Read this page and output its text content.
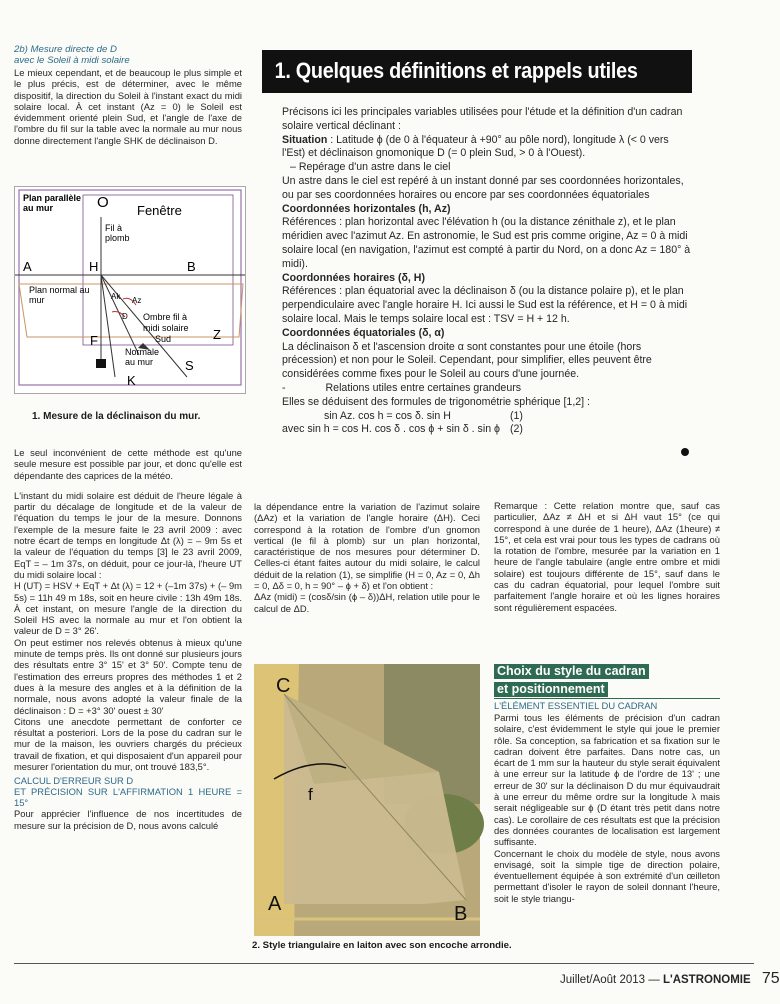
2b) Mesure directe de D
avec le Soleil à midi solaire

Le mieux cependant, et de beaucoup le plus simple et le plus précis, est de déterminer, avec le même dispositif, la direction du Soleil à l'instant exact du midi solaire local. À cet instant (Az = 0) le Soleil est évidemment orienté plein Sud, et l'angle de l'axe de l'ombre du fil sur la table avec la normale au mur nous donne directement l'angle SHK de déclinaison D.

Plan parallèle
au mur	O Fenêtre
Fil à
plomb
A	H	B
Plan normal au
mur	Ak Az
D Ombre fil à
midi solaire
Sud	Z
F
Normale
au mur S
K
1. Mesure de la déclinaison du mur.

Le seul inconvénient de cette méthode est qu'une seule mesure est possible par jour, et donc qu'elle est dépendante des caprices de la météo.

L'instant du midi solaire est déduit de l'heure légale à partir du décalage de longitude et de la valeur de l'équation du temps le jour de la mesure. Donnons l'exemple de la mesure faite le 23 avril 2009 : avec notre écart de temps en longitude Δt (λ) = – 9m 5s et la valeur de l'équation du temps [3] le 23 avril 2009, EqT = – 1m 37s, on déduit, pour ce jour-là, l'heure UT du midi solaire local :

H (UT) = HSV + EqT + Δt (λ) = 12 + (–1m 37s) + (– 9m 5s) = 11h 49 m 18s, soit en heure civile : 13h 49m 18s. À cet instant, on mesure l'angle de la direction du Soleil HS avec la normale au mur et l'on obtient la valeur de D = 3° 26'.

On peut estimer nos relevés obtenus à mieux qu'une minute de temps près. Ils ont donné sur plusieurs jours des résultats entre 3° 15' et 3° 50'. Compte tenu de l'estimation des erreurs propres des méthodes 1 et 2 dues à la mesure des angles et à la définition de la normale, nous avons adopté la valeur finale de la déclinaison : D = +3° 30' ouest ± 30'

Citons une anecdote permettant de conforter ce résultat a posteriori. Lors de la pose du cadran sur le mur de la maison, les ouvriers chargés du précieux travail de fixation, et qui disposaient d'un appareil pour mesurer l'orientation du mur, ont trouvé 183,5°.

CALCUL D'ERREUR SUR D
ET PRÉCISION SUR L'AFFIRMATION 1 HEURE = 15°

Pour apprécier l'influence de nos incertitudes de mesure sur la précision de D, nous avons calculé

1. Quelques définitions et rappels utiles

Précisons ici les principales variables utilisées pour l'étude et la définition d'un cadran solaire vertical déclinant :

Situation : Latitude ϕ (de 0 à l'équateur à +90° au pôle nord), longitude λ (< 0 vers l'Est) et déclinaison gnomonique D (= 0 plein Sud, > 0 à l'Ouest).

– Repérage d'un astre dans le ciel

Un astre dans le ciel est repéré à un instant donné par ses coordonnées horizontales, ou par ses coordonnées horaires ou encore par ses coordonnées équatoriales

Coordonnées horizontales (h, Az)

Références : plan horizontal avec l'élévation h (ou la distance zénithale z), et le plan méridien avec l'azimut Az. En astronomie, le Sud est pris comme origine, Az = 0 à midi solaire local (en navigation, l'azimut est compté à partir du Nord, on a donc Az = 180° à midi).

Coordonnées horaires (δ, H)

Références : plan équatorial avec la déclinaison δ (ou la distance polaire p), et le plan perpendiculaire avec l'angle horaire H. Ici aussi le Sud est la référence, et H = 0 à midi solaire local. Mais le temps solaire local est : TSV = H + 12 h.

Coordonnées équatoriales (δ, α)

La déclinaison δ et l'ascension droite α sont constantes pour une étoile (hors précession) et non pour le Soleil. Cependant, pour simplifier, elles peuvent être considérées comme fixes pour le Soleil au cours d'une journée.

-	Relations utiles entre certaines grandeurs

Elles se déduisent des formules de trigonométrie sphérique [1,2] :

sin Az. cos h = cos δ. sin H	(1)

avec sin h = cos H. cos δ . cos ϕ + sin δ . sin ϕ (2)

la dépendance entre la variation de l'azimut solaire (ΔAz) et la variation de l'angle horaire (ΔH). Ceci correspond à la rotation de l'ombre d'un gnomon vertical (le fil à plomb) sur un plan horizontal, caractéristique de nos mesures pour déterminer D. Celles-ci étant faites autour du midi solaire, le calcul déduit de la relation (1), se simplifie (H = 0, Az = 0, Δh = 0, Δδ = 0, h = 90° – ϕ + δ) et l'on obtient :

ΔAz (midi) = (cosδ/sin (ϕ – δ))ΔH, relation utile pour le calcul de ΔD.

C
f
A	B
2. Style triangulaire en laiton avec son encoche arrondie.

Remarque : Cette relation montre que, sauf cas particulier, ΔAz ≠ ΔH et si ΔH vaut 15° (ce qui correspond à une durée de 1 heure), ΔAz (1heure) ≠ 15°, et cela est vrai pour tous les types de cadrans où la rotation de l'ombre, mesurée par la variation en 1 heure de l'angle tabulaire (angle entre ombre et midi solaire) est toujours différente de 15°, sauf dans le cas du cadran équatorial, pour lequel l'ombre suit parfaitement l'angle horaire et où les lignes horaires sont régulièrement espacées.

Choix du style du cadran
et positionnement
L'ÉLÉMENT ESSENTIEL DU CADRAN

Parmi tous les éléments de précision d'un cadran solaire, c'est évidemment le style qui joue le premier rôle. Sa conception, sa fabrication et sa fixation sur le cadran doivent être parfaites. Dans notre cas, un écart de 1 mm sur la hauteur du style serait équivalent à une erreur sur la latitude ϕ de l'ordre de 13' ; une erreur de 30' sur la déclinaison D du mur équivaudrait à une erreur du même ordre sur la longitude λ mais serait négligeable sur ϕ (D étant très petit dans notre cas). Le corollaire de ces résultats est que la précision des données courantes de localisation est largement suffisante.

Concernant le choix du modèle de style, nous avons envisagé, soit la simple tige de direction polaire, éventuellement équipée à son extrémité d'un œilleton permettant d'isoler le rayon de soleil donnant l'heure, soit le style triangu-

Juillet/Août 2013 — L'ASTRONOMIE 75
